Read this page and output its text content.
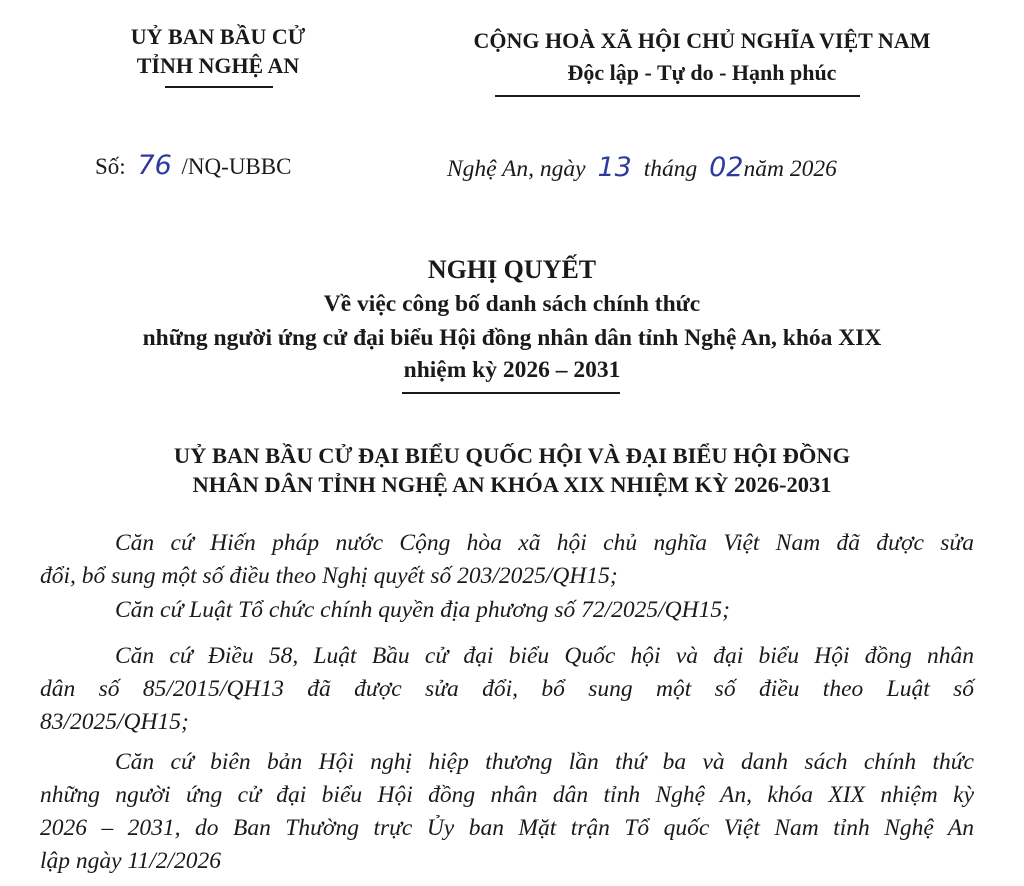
UỶ BAN BẦU CỬ
TỈNH NGHỆ AN
CỘNG HOÀ XÃ HỘI CHỦ NGHĨA VIỆT NAM
Độc lập - Tự do - Hạnh phúc
Số: 76 /NQ-UBBC	Nghệ An, ngày 13 tháng 02năm 2026
NGHỊ QUYẾT
Về việc công bố danh sách chính thức
những người ứng cử đại biểu Hội đồng nhân dân tỉnh Nghệ An, khóa XIX
nhiệm kỳ 2026 – 2031
UỶ BAN BẦU CỬ ĐẠI BIỂU QUỐC HỘI VÀ ĐẠI BIỂU HỘI ĐỒNG
NHÂN DÂN TỈNH NGHỆ AN KHÓA XIX NHIỆM KỲ 2026-2031
Căn cứ Hiến pháp nước Cộng hòa xã hội chủ nghĩa Việt Nam đã được sửa
đổi, bổ sung một số điều theo Nghị quyết số 203/2025/QH15;
Căn cứ Luật Tổ chức chính quyền địa phương số 72/2025/QH15;
Căn cứ Điều 58, Luật Bầu cử đại biểu Quốc hội và đại biểu Hội đồng nhân
dân số 85/2015/QH13 đã được sửa đổi, bổ sung một số điều theo Luật số
83/2025/QH15;
Căn cứ biên bản Hội nghị hiệp thương lần thứ ba và danh sách chính thức
những người ứng cử đại biểu Hội đồng nhân dân tỉnh Nghệ An, khóa XIX nhiệm kỳ
2026 – 2031, do Ban Thường trực Ủy ban Mặt trận Tổ quốc Việt Nam tỉnh Nghệ An
lập ngày 11/2/2026
